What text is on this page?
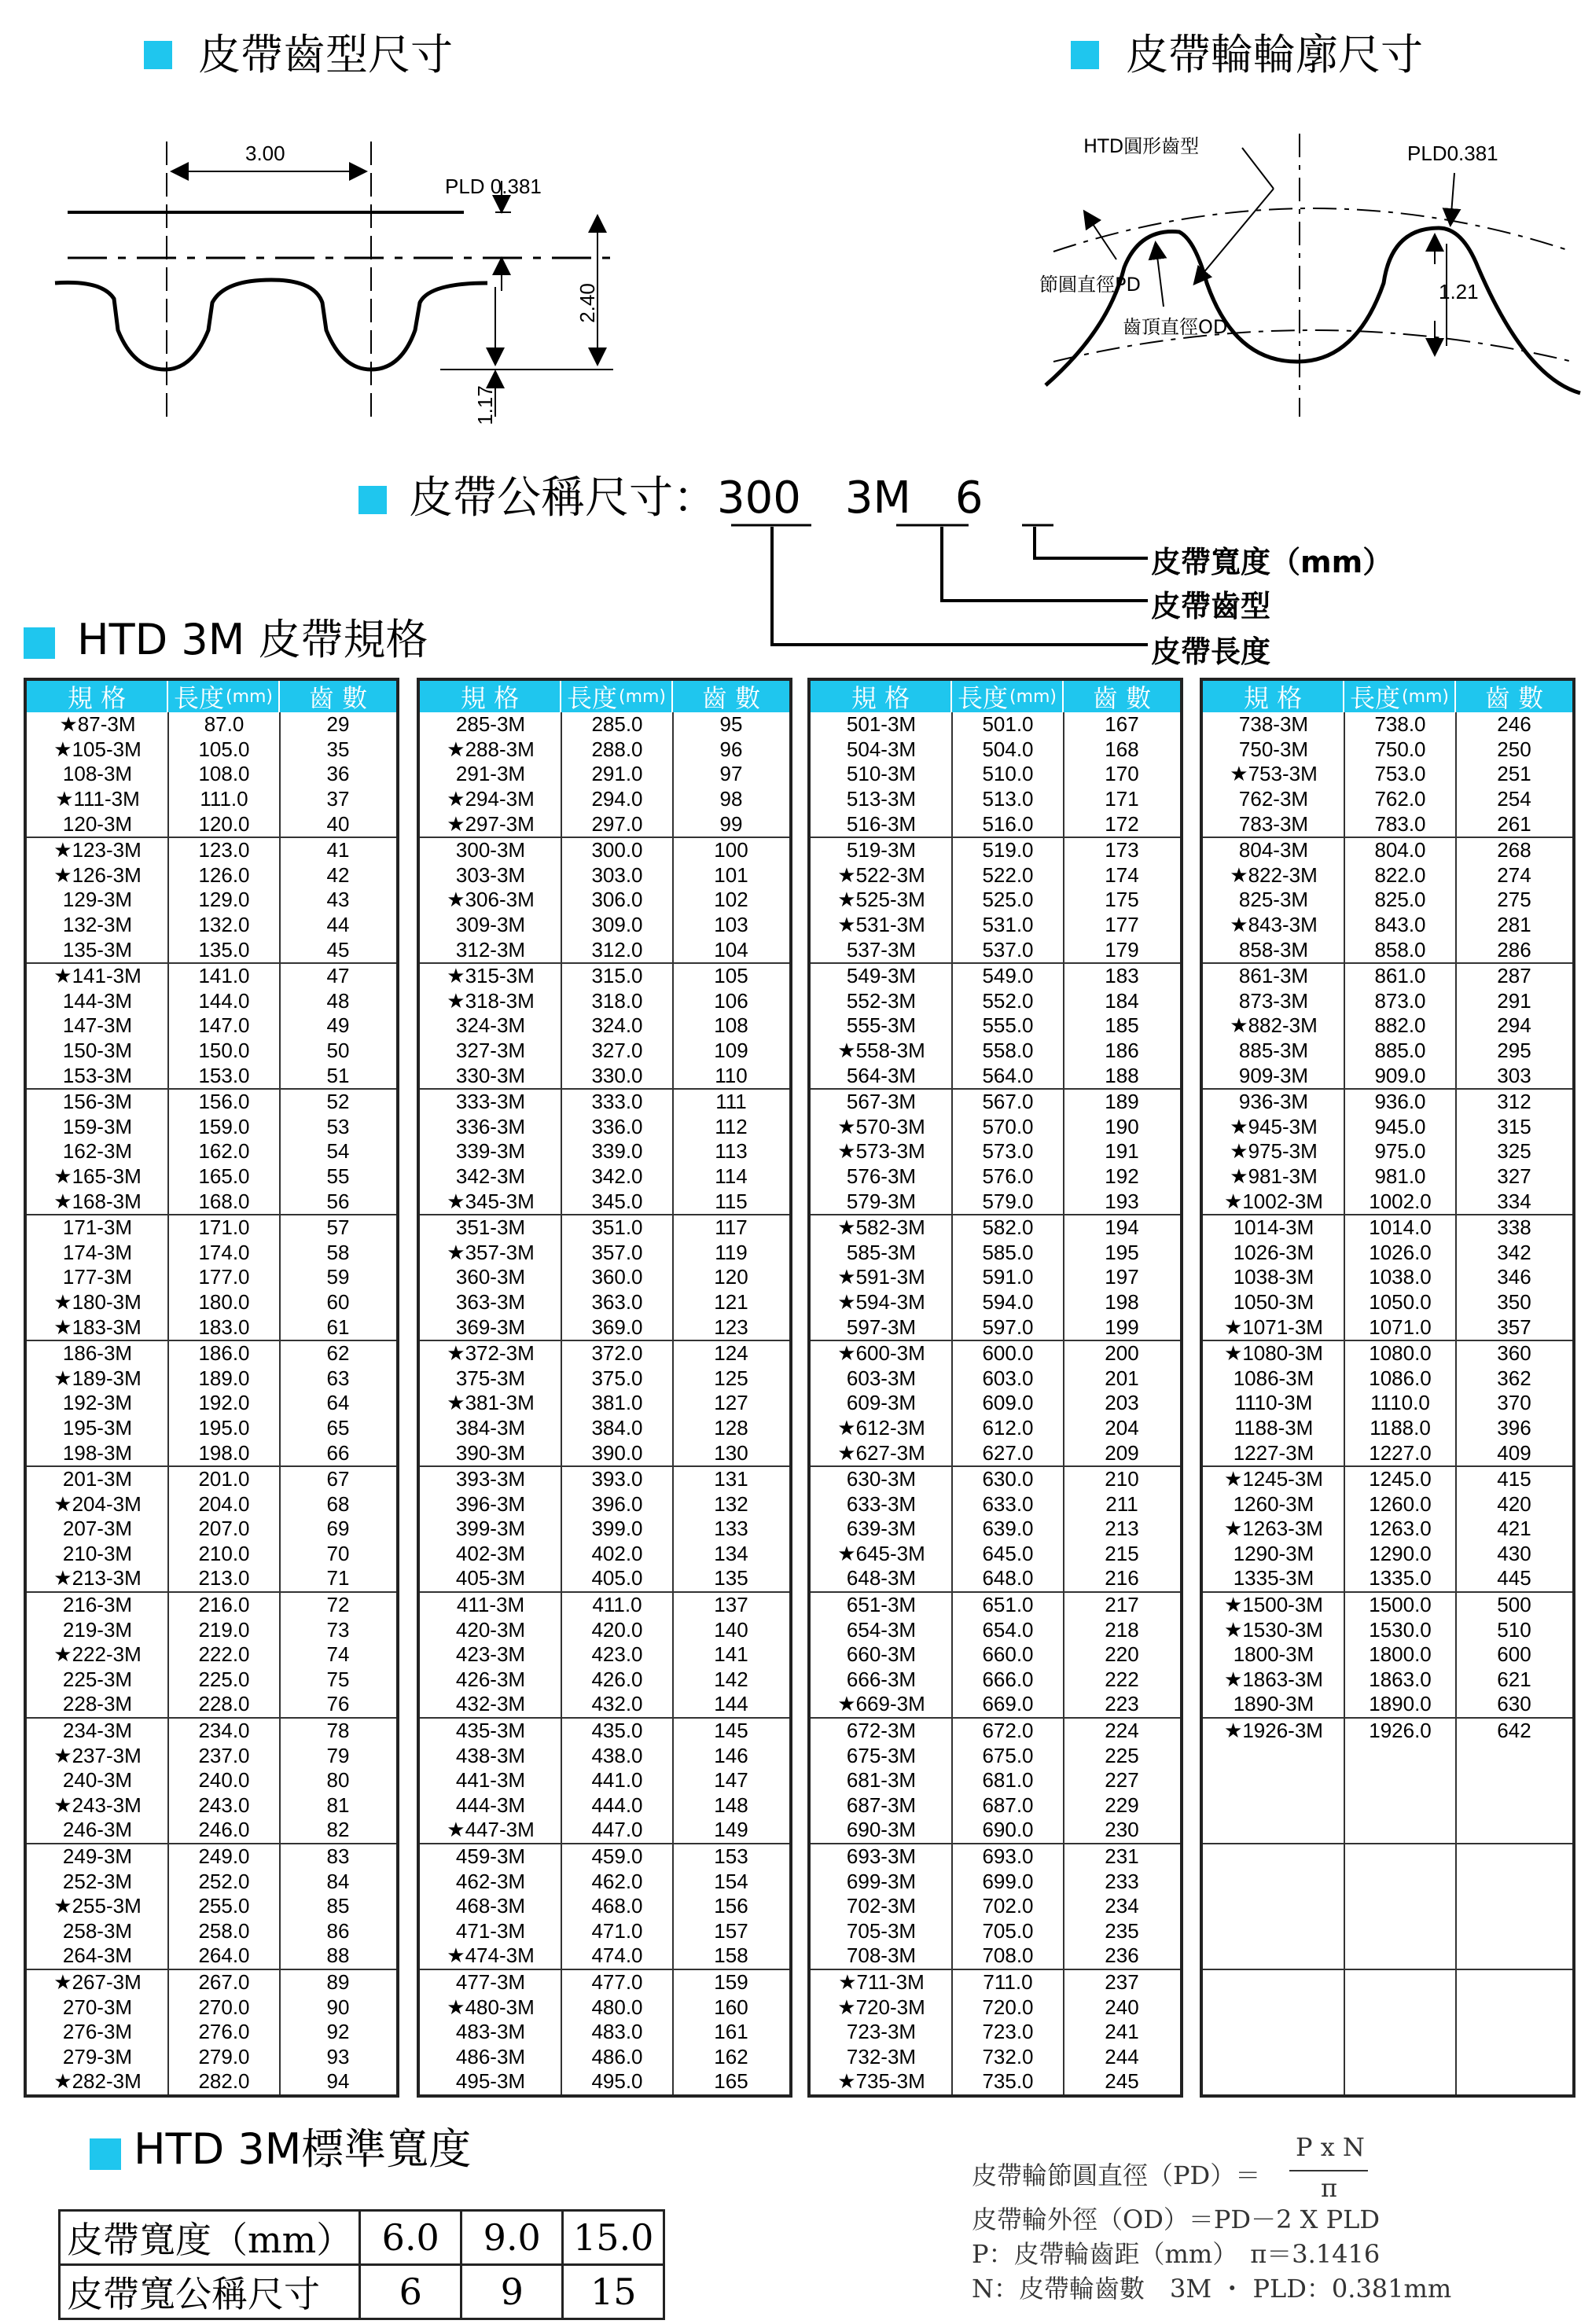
皮帶齒型尺寸	皮帶輪輪廓尺寸
3.00
PLD 0.381
2.40
1.17
HTD圓形齒型	PLD0.381
節圓直徑PD
齒頂直徑OD
1.21
皮帶公稱尺寸：300　3M　6
皮帶寬度（mm）
皮帶齒型
皮帶長度
HTD 3M 皮帶規格
規 格	長度 (mm)	齒 數
★87-3M	87.0	29
★105-3M	105.0	35
108-3M	108.0	36
★111-3M	111.0	37
120-3M	120.0	40
★123-3M	123.0	41
★126-3M	126.0	42
129-3M	129.0	43
132-3M	132.0	44
135-3M	135.0	45
★141-3M	141.0	47
144-3M	144.0	48
147-3M	147.0	49
150-3M	150.0	50
153-3M	153.0	51
156-3M	156.0	52
159-3M	159.0	53
162-3M	162.0	54
★165-3M	165.0	55
★168-3M	168.0	56
171-3M	171.0	57
174-3M	174.0	58
177-3M	177.0	59
★180-3M	180.0	60
★183-3M	183.0	61
186-3M	186.0	62
★189-3M	189.0	63
192-3M	192.0	64
195-3M	195.0	65
198-3M	198.0	66
201-3M	201.0	67
★204-3M	204.0	68
207-3M	207.0	69
210-3M	210.0	70
★213-3M	213.0	71
216-3M	216.0	72
219-3M	219.0	73
★222-3M	222.0	74
225-3M	225.0	75
228-3M	228.0	76
234-3M	234.0	78
★237-3M	237.0	79
240-3M	240.0	80
★243-3M	243.0	81
246-3M	246.0	82
249-3M	249.0	83
252-3M	252.0	84
★255-3M	255.0	85
258-3M	258.0	86
264-3M	264.0	88
★267-3M	267.0	89
270-3M	270.0	90
276-3M	276.0	92
279-3M	279.0	93
★282-3M	282.0	94
規 格	長度 (mm)	齒 數
285-3M	285.0	95
★288-3M	288.0	96
291-3M	291.0	97
★294-3M	294.0	98
★297-3M	297.0	99
300-3M	300.0	100
303-3M	303.0	101
★306-3M	306.0	102
309-3M	309.0	103
312-3M	312.0	104
★315-3M	315.0	105
★318-3M	318.0	106
324-3M	324.0	108
327-3M	327.0	109
330-3M	330.0	110
333-3M	333.0	111
336-3M	336.0	112
339-3M	339.0	113
342-3M	342.0	114
★345-3M	345.0	115
351-3M	351.0	117
★357-3M	357.0	119
360-3M	360.0	120
363-3M	363.0	121
369-3M	369.0	123
★372-3M	372.0	124
375-3M	375.0	125
★381-3M	381.0	127
384-3M	384.0	128
390-3M	390.0	130
393-3M	393.0	131
396-3M	396.0	132
399-3M	399.0	133
402-3M	402.0	134
405-3M	405.0	135
411-3M	411.0	137
420-3M	420.0	140
423-3M	423.0	141
426-3M	426.0	142
432-3M	432.0	144
435-3M	435.0	145
438-3M	438.0	146
441-3M	441.0	147
444-3M	444.0	148
★447-3M	447.0	149
459-3M	459.0	153
462-3M	462.0	154
468-3M	468.0	156
471-3M	471.0	157
★474-3M	474.0	158
477-3M	477.0	159
★480-3M	480.0	160
483-3M	483.0	161
486-3M	486.0	162
495-3M	495.0	165
規 格	長度 (mm)	齒 數
501-3M	501.0	167
504-3M	504.0	168
510-3M	510.0	170
513-3M	513.0	171
516-3M	516.0	172
519-3M	519.0	173
★522-3M	522.0	174
★525-3M	525.0	175
★531-3M	531.0	177
537-3M	537.0	179
549-3M	549.0	183
552-3M	552.0	184
555-3M	555.0	185
★558-3M	558.0	186
564-3M	564.0	188
567-3M	567.0	189
★570-3M	570.0	190
★573-3M	573.0	191
576-3M	576.0	192
579-3M	579.0	193
★582-3M	582.0	194
585-3M	585.0	195
★591-3M	591.0	197
★594-3M	594.0	198
597-3M	597.0	199
★600-3M	600.0	200
603-3M	603.0	201
609-3M	609.0	203
★612-3M	612.0	204
★627-3M	627.0	209
630-3M	630.0	210
633-3M	633.0	211
639-3M	639.0	213
★645-3M	645.0	215
648-3M	648.0	216
651-3M	651.0	217
654-3M	654.0	218
660-3M	660.0	220
666-3M	666.0	222
★669-3M	669.0	223
672-3M	672.0	224
675-3M	675.0	225
681-3M	681.0	227
687-3M	687.0	229
690-3M	690.0	230
693-3M	693.0	231
699-3M	699.0	233
702-3M	702.0	234
705-3M	705.0	235
708-3M	708.0	236
★711-3M	711.0	237
★720-3M	720.0	240
723-3M	723.0	241
732-3M	732.0	244
★735-3M	735.0	245
規 格	長度 (mm)	齒 數
738-3M	738.0	246
750-3M	750.0	250
★753-3M	753.0	251
762-3M	762.0	254
783-3M	783.0	261
804-3M	804.0	268
★822-3M	822.0	274
825-3M	825.0	275
★843-3M	843.0	281
858-3M	858.0	286
861-3M	861.0	287
873-3M	873.0	291
★882-3M	882.0	294
885-3M	885.0	295
909-3M	909.0	303
936-3M	936.0	312
★945-3M	945.0	315
★975-3M	975.0	325
★981-3M	981.0	327
★1002-3M	1002.0	334
1014-3M	1014.0	338
1026-3M	1026.0	342
1038-3M	1038.0	346
1050-3M	1050.0	350
★1071-3M	1071.0	357
★1080-3M	1080.0	360
1086-3M	1086.0	362
1110-3M	1110.0	370
1188-3M	1188.0	396
1227-3M	1227.0	409
★1245-3M	1245.0	415
1260-3M	1260.0	420
★1263-3M	1263.0	421
1290-3M	1290.0	430
1335-3M	1335.0	445
★1500-3M	1500.0	500
★1530-3M	1530.0	510
1800-3M	1800.0	600
★1863-3M	1863.0	621
1890-3M	1890.0	630
★1926-3M	1926.0	642
HTD 3M標準寬度
皮帶寬度（mm）	6.0	9.0	15.0
皮帶寬公稱尺寸	6	9	15
皮帶輪節圓直徑（PD）＝
P x N
π
皮帶輪外徑（OD）＝PD－2 X PLD
P：皮帶輪齒距（mm）　π＝3.1416
N：皮帶輪齒數　3M ・ PLD：0.381mm
